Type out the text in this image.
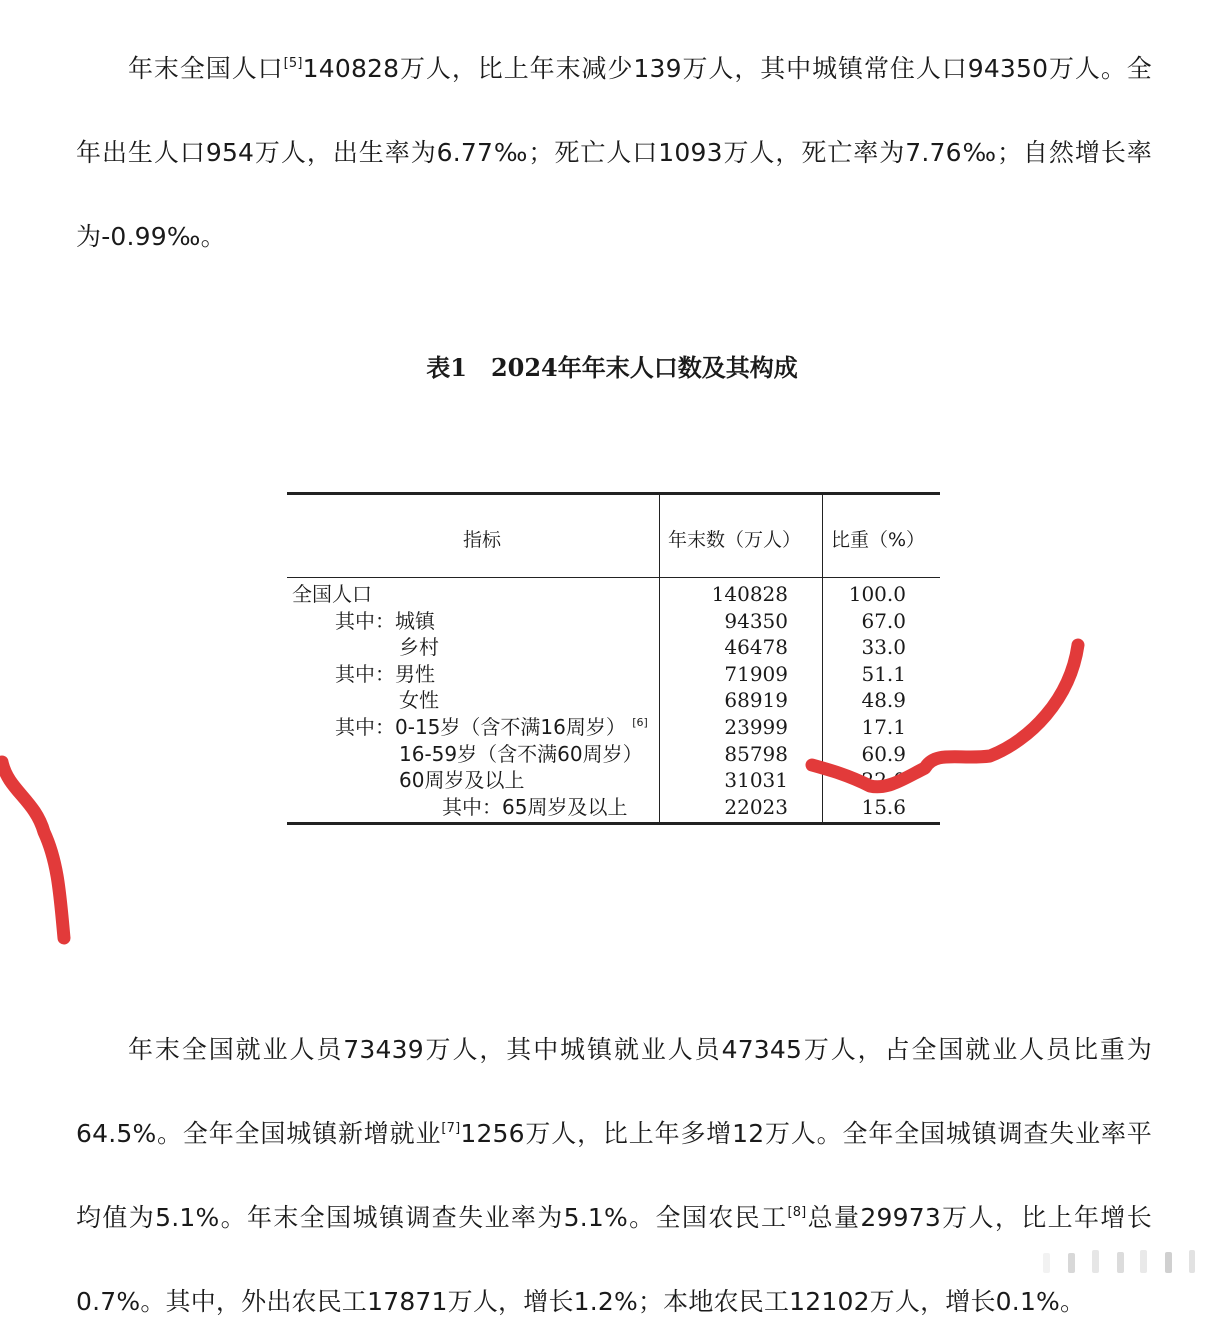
年末全国人口[5]140828万人，比上年末减少139万人，其中城镇常住人口94350万人。全年出生人口954万人，出生率为6.77‰；死亡人口1093万人，死亡率为7.76‰；自然增长率为-0.99‰。

表1　2024年年末人口数及其构成
指标	年末数（万人） 比重（%）
全国人口	140828	100.0
其中：城镇	94350	67.0
乡村	46478	33.0
其中：男性	71909	51.1
女性	68919	48.9
其中：0-15岁（含不满16周岁） [6]	23999	17.1
16-59岁（含不满60周岁）	85798	60.9
60周岁及以上	31031	22.0
其中：65周岁及以上	22023	15.6

年末全国就业人员73439万人，其中城镇就业人员47345万人，占全国就业人员比重为64.5%。全年全国城镇新增就业[7]1256万人，比上年多增12万人。全年全国城镇调查失业率平均值为5.1%。年末全国城镇调查失业率为5.1%。全国农民工[8]总量29973万人，比上年增长0.7%。其中，外出农民工17871万人，增长1.2%；本地农民工12102万人，增长0.1%。
